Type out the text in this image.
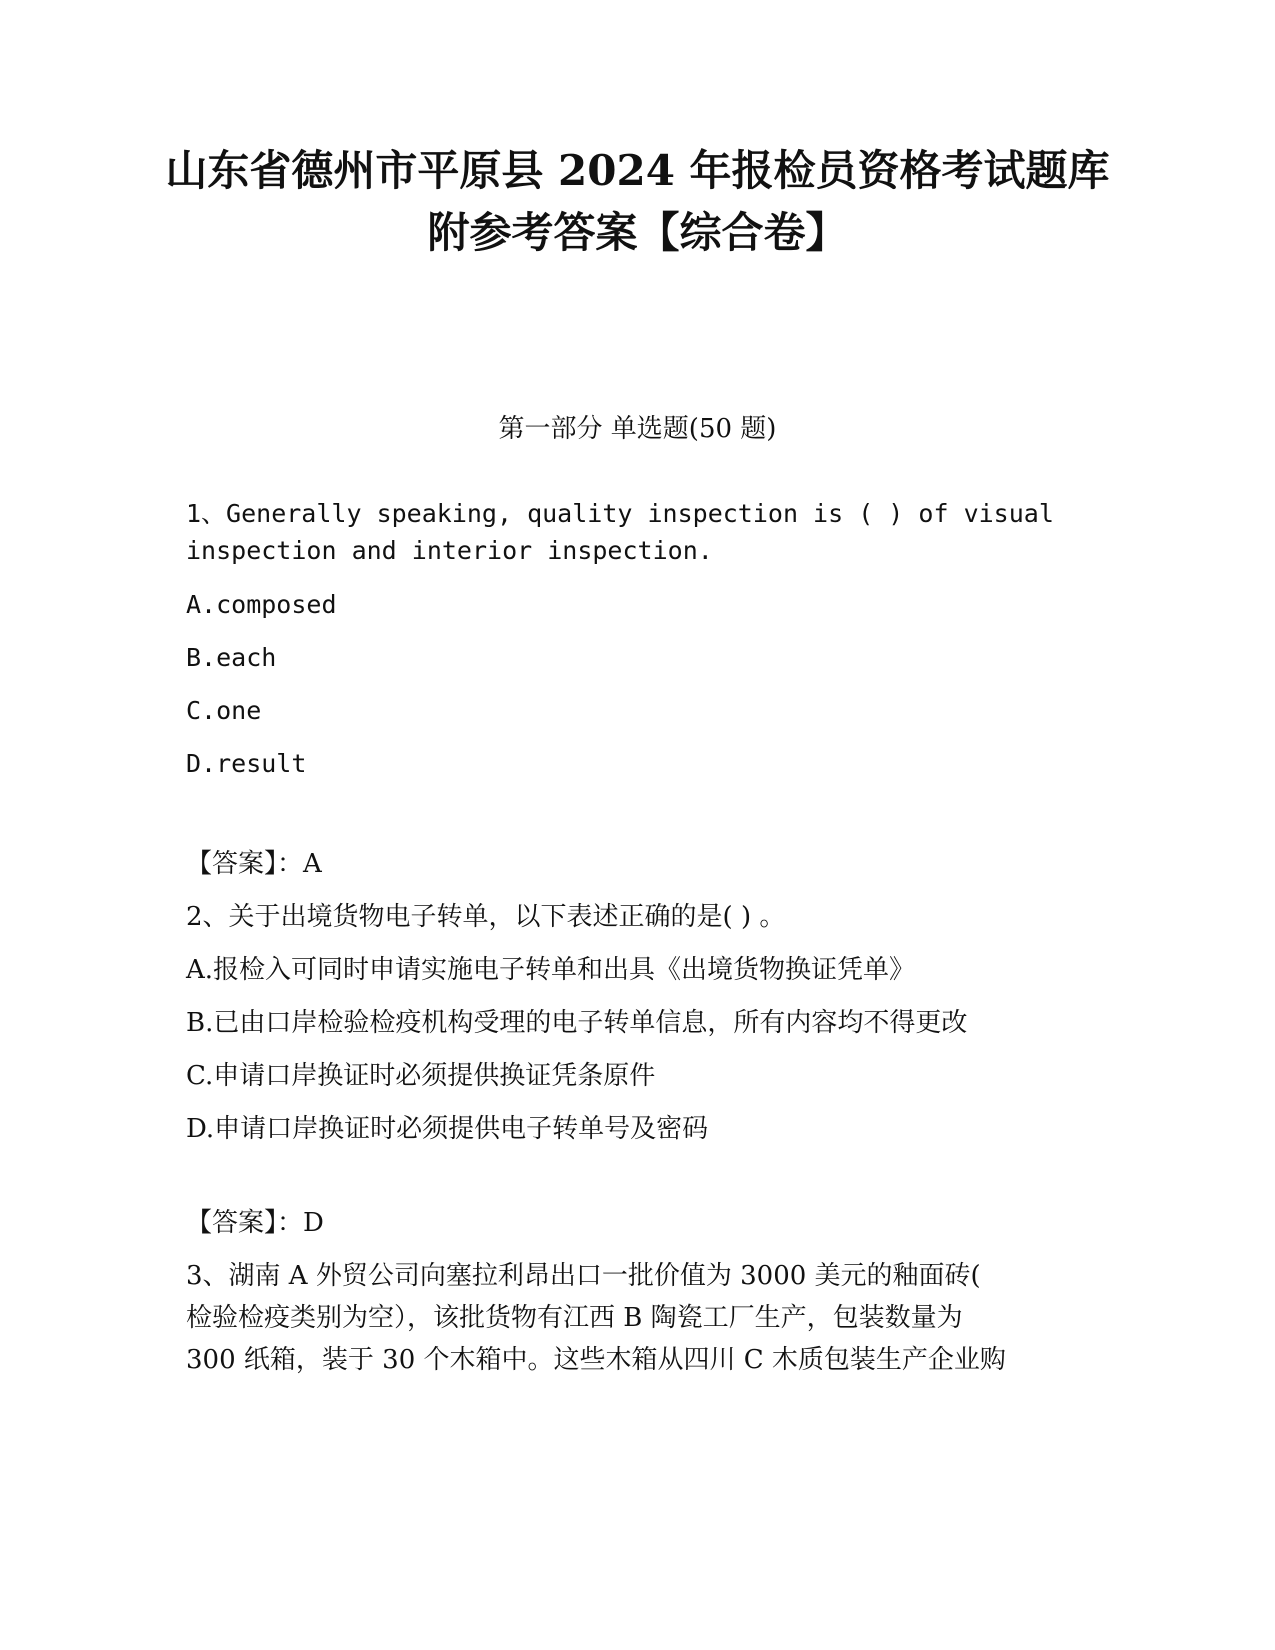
山东省德州市平原县 2024 年报检员资格考试题库
附参考答案【综合卷】
第一部分 单选题(50 题)
1、Generally speaking, quality inspection is ( ) of visual
inspection and interior inspection.
A.composed
B.each
C.one
D.result
【答案】：A
2、关于出境货物电子转单，以下表述正确的是( ) 。
A.报检入可同时申请实施电子转单和出具《出境货物换证凭单》
B.已由口岸检验检疫机构受理的电子转单信息，所有内容均不得更改
C.申请口岸换证时必须提供换证凭条原件
D.申请口岸换证时必须提供电子转单号及密码
【答案】：D
3、湖南 A 外贸公司向塞拉利昂出口一批价值为 3000 美元的釉面砖(
检验检疫类别为空），该批货物有江西 B 陶瓷工厂生产，包装数量为
300 纸箱，装于 30 个木箱中。这些木箱从四川 C 木质包装生产企业购
